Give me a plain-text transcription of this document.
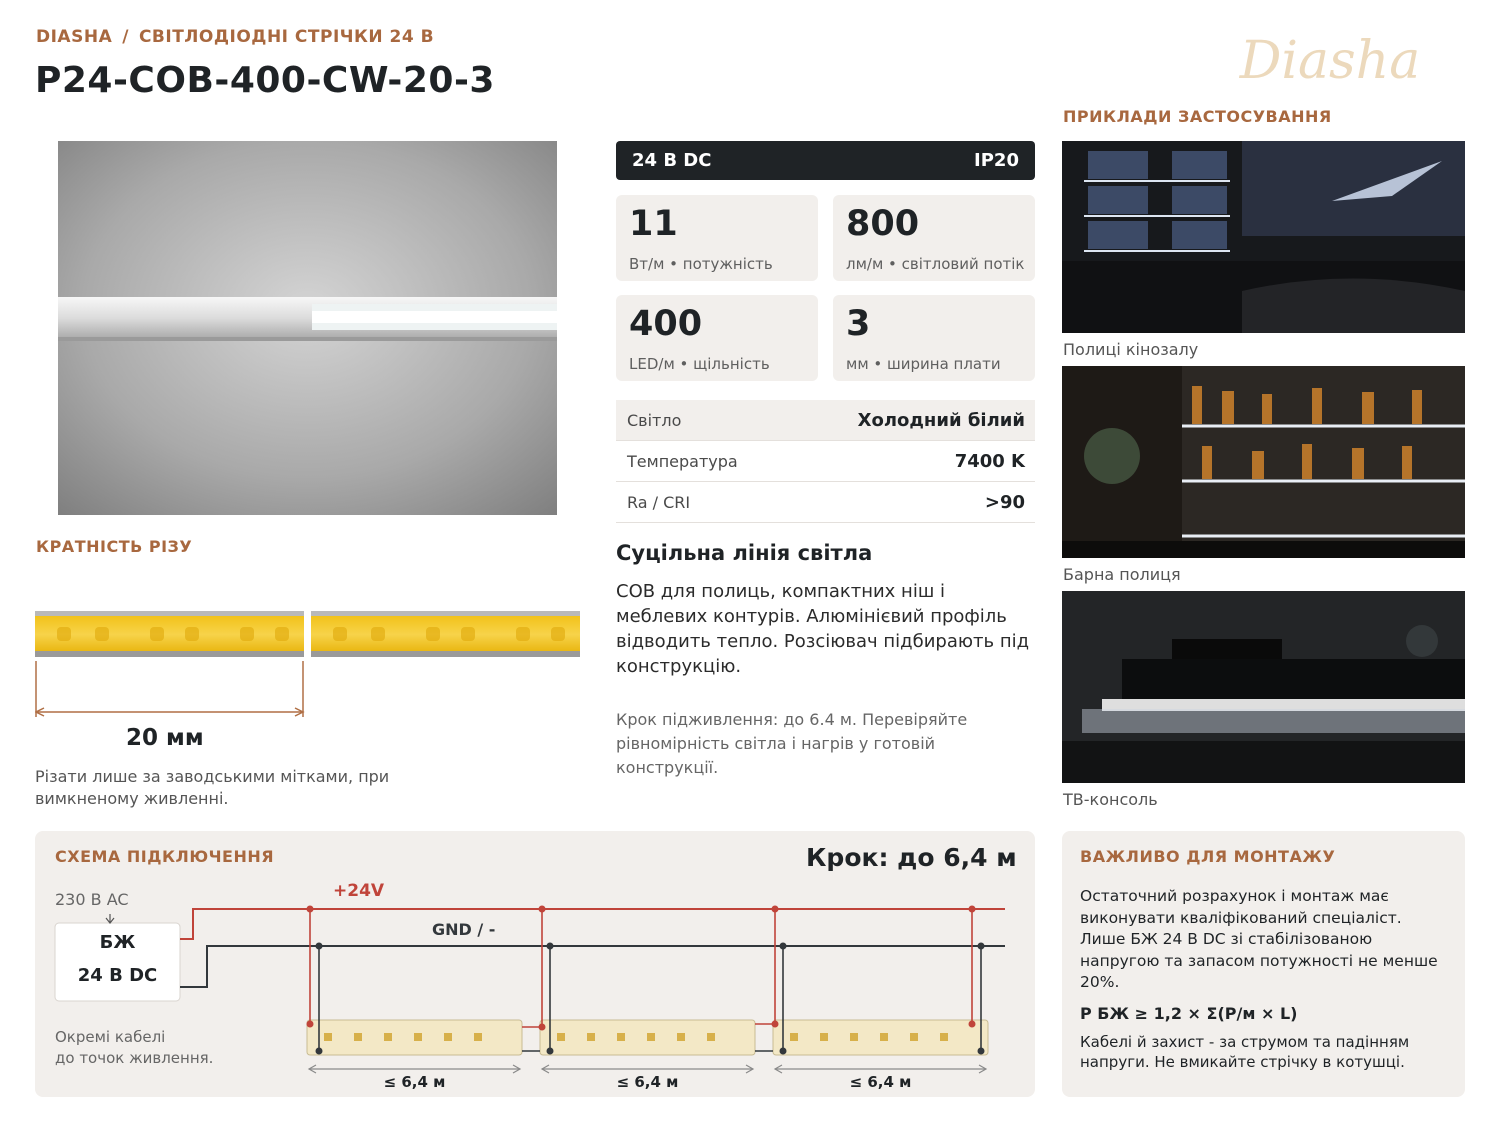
DIASHA / СВІТЛОДІОДНІ СТРІЧКИ 24 В
P24-COB-400-CW-20-3	Diasha
24 В DC	IP20
11
Вт/м • потужність
800
лм/м • світловий потік
400
LED/м • щільність
3
мм • ширина плати
Світло	Холодний білий
Температура	7400 K
Ra / CRI	>90
Суцільна лінія світла
COB для полиць, компактних ніш і меблевих контурів. Алюмінієвий профіль відводить тепло. Розсіювач підбирають під конструкцію.
Крок підживлення: до 6.4 м. Перевіряйте рівномірність світла і нагрів у готовій конструкції.
КРАТНІСТЬ РІЗУ
20 мм
Різати лише за заводськими мітками, при вимкненому живленні.
ПРИКЛАДИ ЗАСТОСУВАННЯ
Полиці кінозалу
Барна полиця
ТВ-консоль
СХЕМА ПІДКЛЮЧЕННЯ	Крок: до 6,4 м
230 В AC
БЖ
24 В DC
+24V
GND / -
Окремі кабелі
до точок живлення.
≤ 6,4 м	≤ 6,4 м	≤ 6,4 м
ВАЖЛИВО ДЛЯ МОНТАЖУ

Остаточний розрахунок і монтаж має виконувати кваліфікований спеціаліст. Лише БЖ 24 В DC зі стабілізованою напругою та запасом потужності не менше 20%.

P БЖ ≥ 1,2 × Σ(P/м × L)

Кабелі й захист - за струмом та падінням напруги. Не вмикайте стрічку в котушці.
